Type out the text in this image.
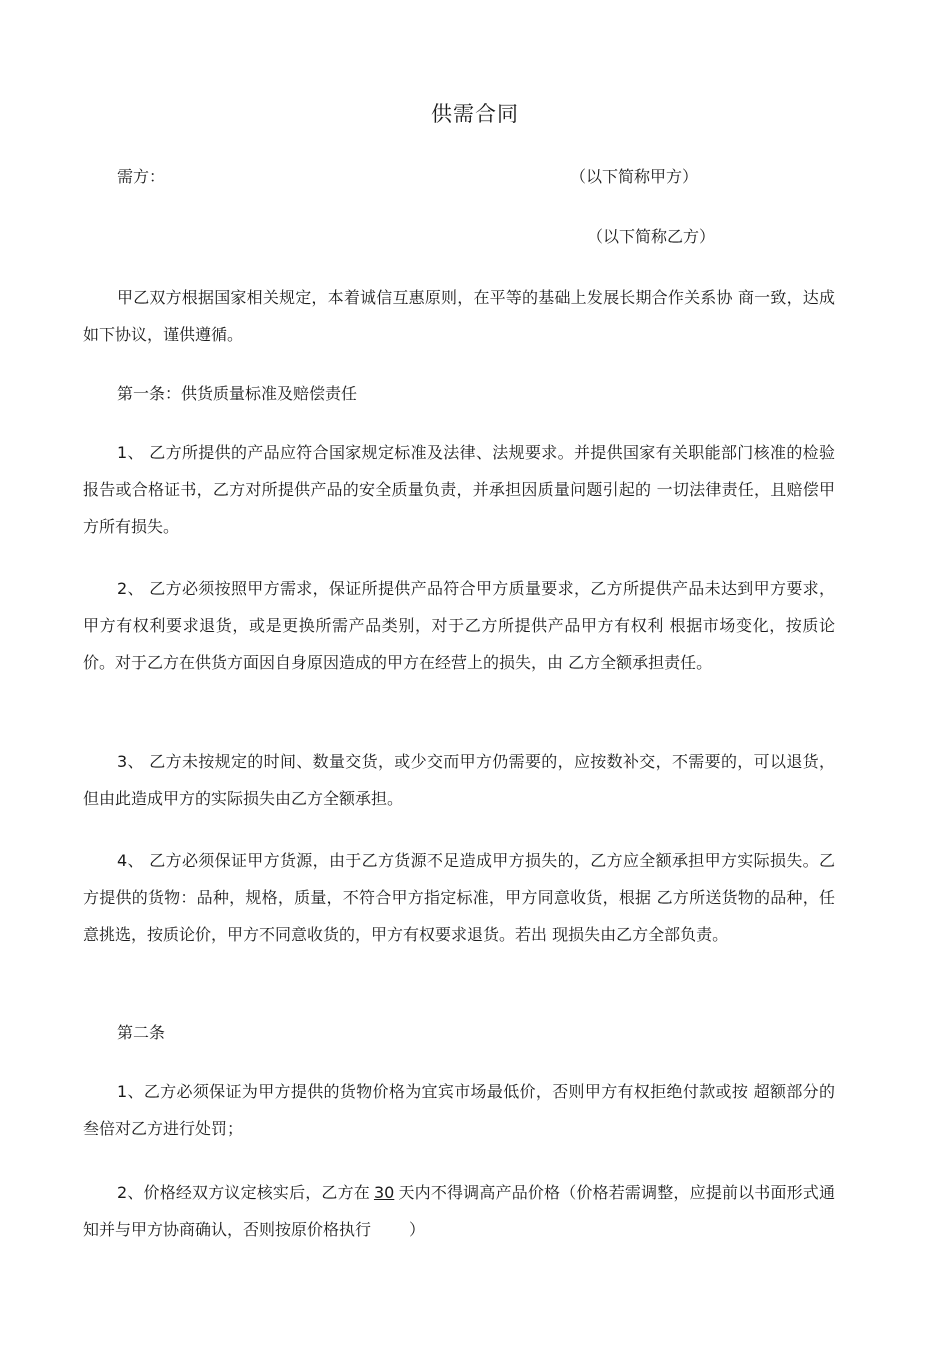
供需合同
需方：	（以下简称甲方）
（以下简称乙方）
甲乙双方根据国家相关规定，本着诚信互惠原则，在平等的基础上发展长期合作关系协 商一致，达成如下协议，谨供遵循。
第一条：供货质量标准及赔偿责任
1、 乙方所提供的产品应符合国家规定标准及法律、法规要求。并提供国家有关职能部门核准的检验报告或合格证书，乙方对所提供产品的安全质量负责，并承担因质量问题引起的 一切法律责任，且赔偿甲方所有损失。
2、 乙方必须按照甲方需求，保证所提供产品符合甲方质量要求，乙方所提供产品未达到甲方要求，甲方有权利要求退货，或是更换所需产品类别，对于乙方所提供产品甲方有权利 根据市场变化，按质论价。对于乙方在供货方面因自身原因造成的甲方在经营上的损失，由 乙方全额承担责任。
3、 乙方未按规定的时间、数量交货，或少交而甲方仍需要的，应按数补交，不需要的，可以退货，但由此造成甲方的实际损失由乙方全额承担。
4、 乙方必须保证甲方货源，由于乙方货源不足造成甲方损失的，乙方应全额承担甲方实际损失。乙方提供的货物：品种，规格，质量，不符合甲方指定标准，甲方同意收货，根据 乙方所送货物的品种，任意挑选，按质论价，甲方不同意收货的，甲方有权要求退货。若出 现损失由乙方全部负责。
第二条
1、乙方必须保证为甲方提供的货物价格为宜宾市场最低价，否则甲方有权拒绝付款或按 超额部分的叁倍对乙方进行处罚；
2、价格经双方议定核实后，乙方在 30 天内不得调高产品价格（价格若需调整，应提前以书面形式通知并与甲方协商确认，否则按原价格执行 ）
